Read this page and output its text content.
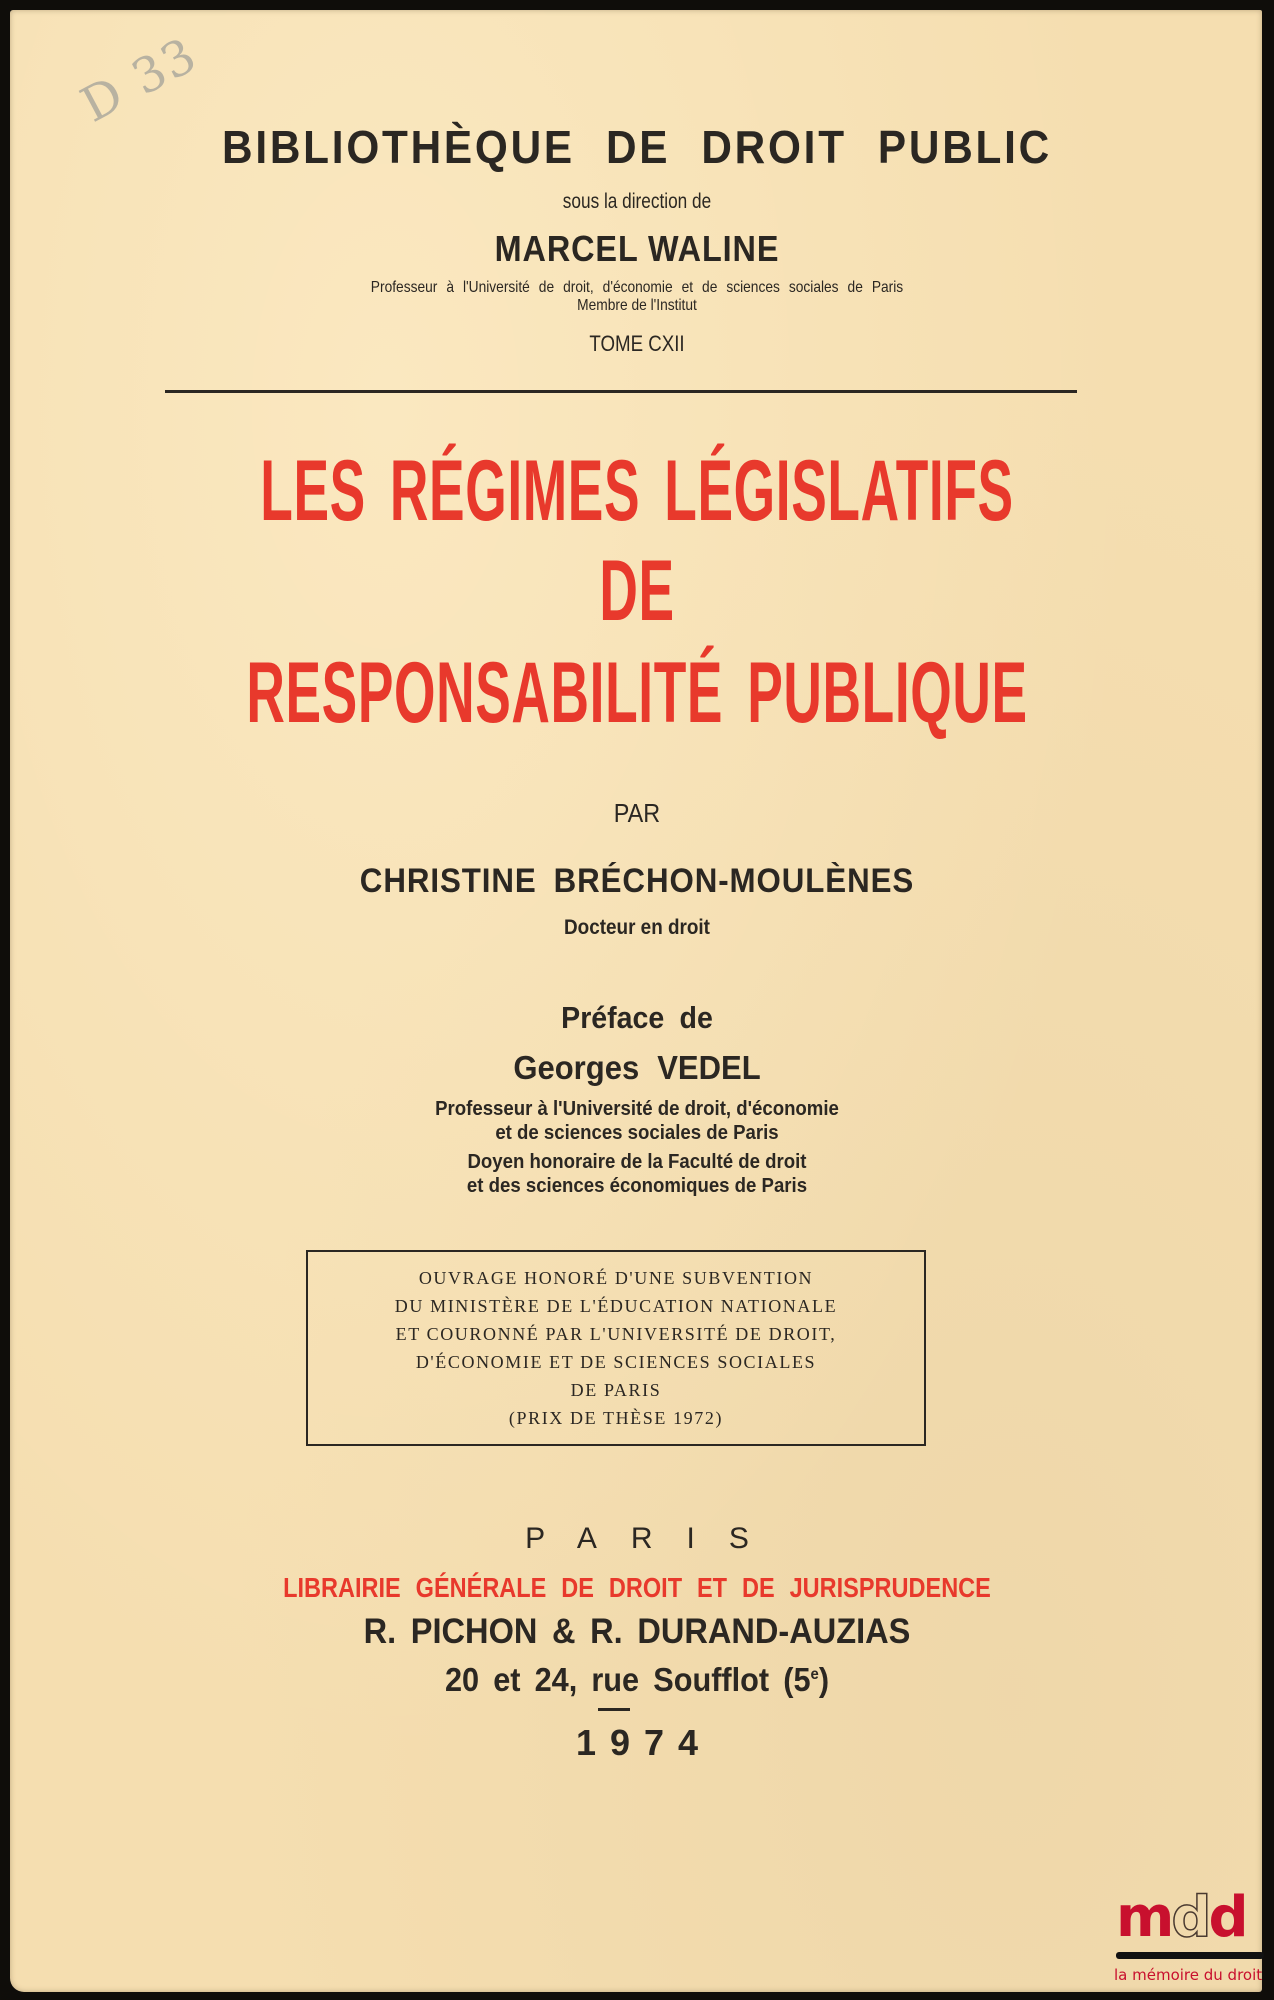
D 33
BIBLIOTHÈQUE DE DROIT PUBLIC
sous la direction de
MARCEL WALINE
Professeur à l'Université de droit, d'économie et de sciences sociales de Paris
Membre de l'Institut
TOME CXII
LES RÉGIMES LÉGISLATIFS
DE
RESPONSABILITÉ PUBLIQUE
PAR
CHRISTINE BRÉCHON-MOULÈNES
Docteur en droit
Préface de
Georges VEDEL
Professeur à l'Université de droit, d'économie
et de sciences sociales de Paris
Doyen honoraire de la Faculté de droit
et des sciences économiques de Paris
OUVRAGE HONORÉ D'UNE SUBVENTION
DU MINISTÈRE DE L'ÉDUCATION NATIONALE
ET COURONNÉ PAR L'UNIVERSITÉ DE DROIT,
D'ÉCONOMIE ET DE SCIENCES SOCIALES
DE PARIS
(PRIX DE THÈSE 1972)
PARIS
LIBRAIRIE GÉNÉRALE DE DROIT ET DE JURISPRUDENCE
R. PICHON & R. DURAND-AUZIAS
20 et 24, rue Soufflot (5e)
1974
mdd
la mémoire du droit
